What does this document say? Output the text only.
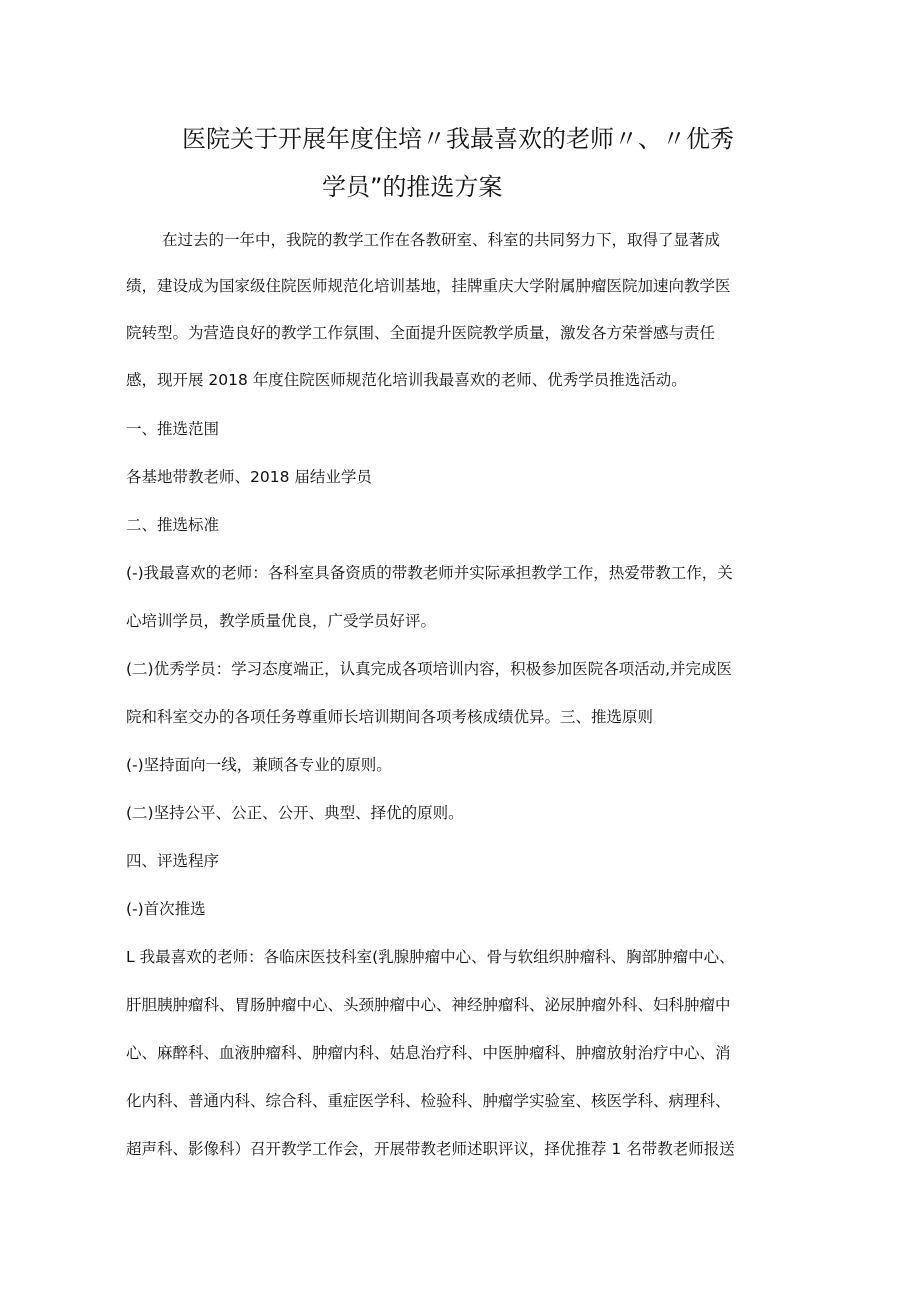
医院关于开展年度住培〃我最喜欢的老师〃、〃优秀
学员”的推选方案
在过去的一年中，我院的教学工作在各教研室、科室的共同努力下，取得了显著成
绩，建设成为国家级住院医师规范化培训基地，挂牌重庆大学附属肿瘤医院加速向教学医
院转型。为营造良好的教学工作氛围、全面提升医院教学质量，激发各方荣誉感与责任
感，现开展 2018 年度住院医师规范化培训我最喜欢的老师、优秀学员推选活动。
一、推选范围
各基地带教老师、2018 届结业学员
二、推选标准
(-)我最喜欢的老师：各科室具备资质的带教老师并实际承担教学工作，热爱带教工作，关
心培训学员，教学质量优良，广受学员好评。
(二)优秀学员：学习态度端正，认真完成各项培训内容，积极参加医院各项活动,并完成医
院和科室交办的各项任务尊重师长培训期间各项考核成绩优异。三、推选原则
(-)坚持面向一线，兼顾各专业的原则。
(二)坚持公平、公正、公开、典型、择优的原则。
四、评选程序
(-)首次推选
L 我最喜欢的老师：各临床医技科室(乳腺肿瘤中心、骨与软组织肿瘤科、胸部肿瘤中心、
肝胆胰肿瘤科、胃肠肿瘤中心、头颈肿瘤中心、神经肿瘤科、泌尿肿瘤外科、妇科肿瘤中
心、麻醉科、血液肿瘤科、肿瘤内科、姑息治疗科、中医肿瘤科、肿瘤放射治疗中心、消
化内科、普通内科、综合科、重症医学科、检验科、肿瘤学实验室、核医学科、病理科、
超声科、影像科）召开教学工作会，开展带教老师述职评议，择优推荐 1 名带教老师报送
